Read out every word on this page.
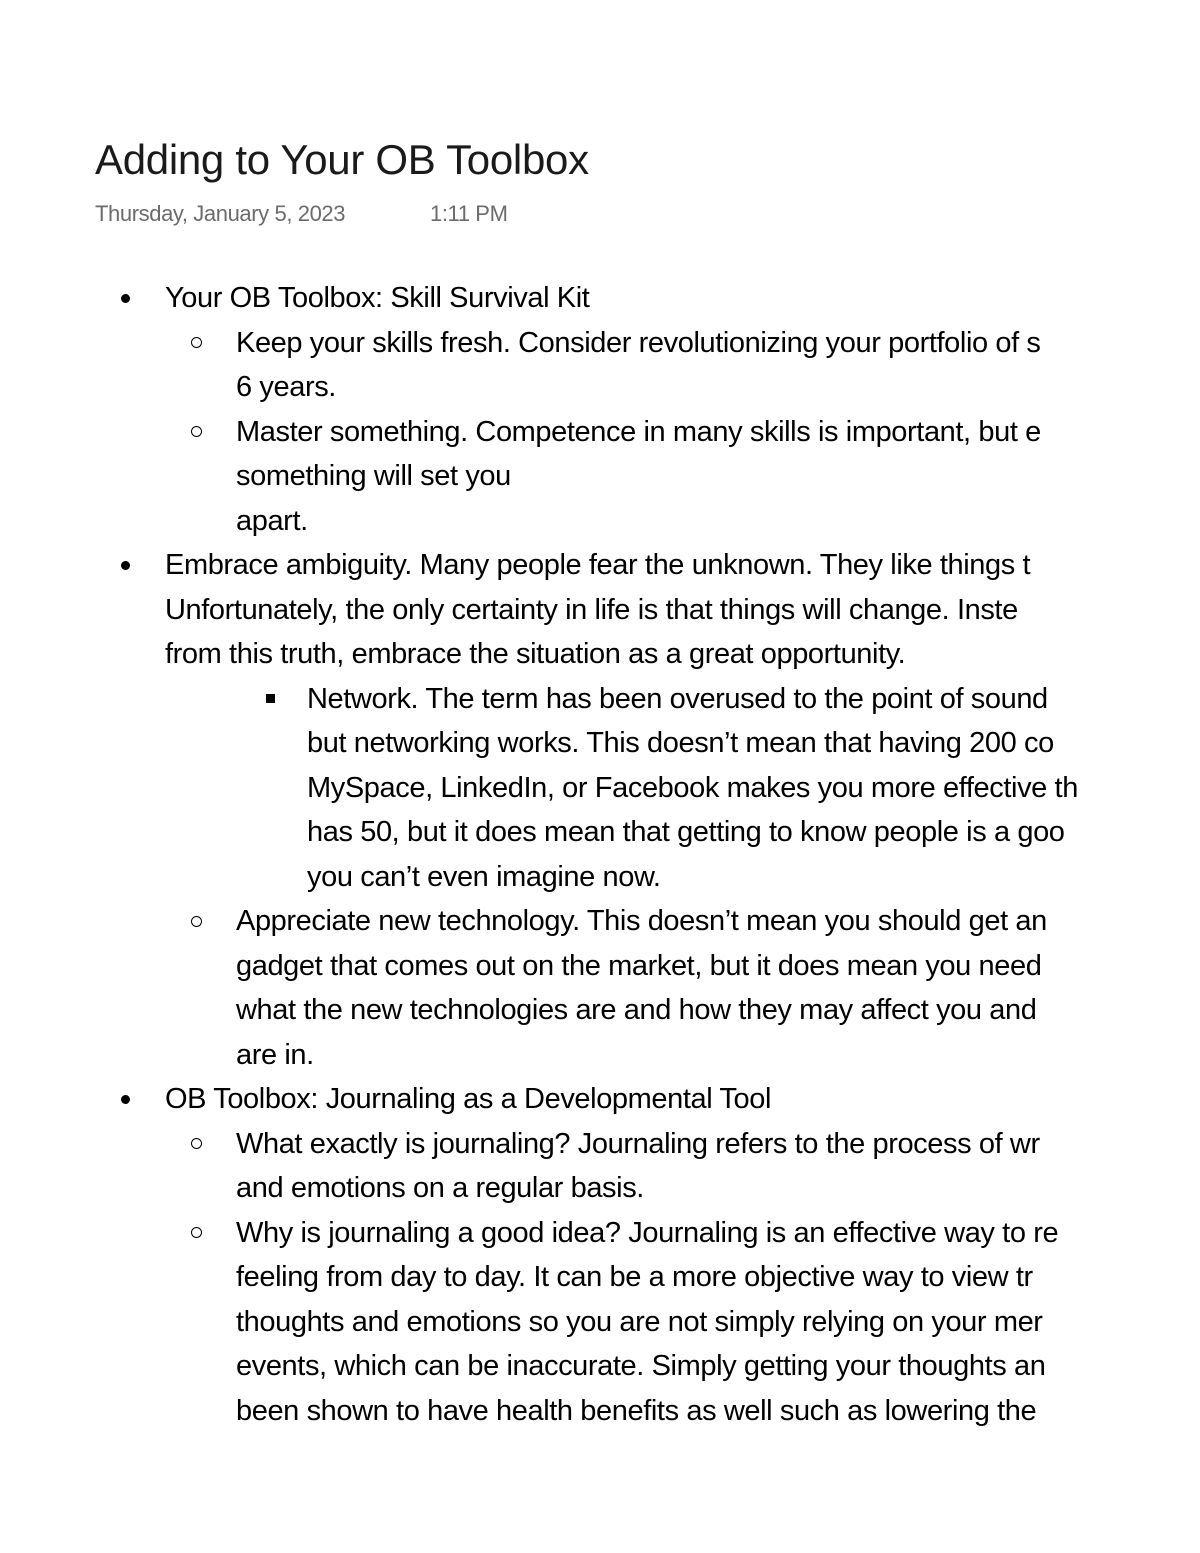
Adding to Your OB Toolbox
Thursday, January 5, 2023	1:11 PM
Your OB Toolbox: Skill Survival Kit
Keep your skills fresh. Consider revolutionizing your portfolio of s
6 years.
Master something. Competence in many skills is important, but e
something will set you
apart.
Embrace ambiguity. Many people fear the unknown. They like things t
Unfortunately, the only certainty in life is that things will change. Inste
from this truth, embrace the situation as a great opportunity.
Network. The term has been overused to the point of sound
but networking works. This doesn’t mean that having 200 co
MySpace, LinkedIn, or Facebook makes you more effective th
has 50, but it does mean that getting to know people is a goo
you can’t even imagine now.
Appreciate new technology. This doesn’t mean you should get an
gadget that comes out on the market, but it does mean you need
what the new technologies are and how they may affect you and
are in.
OB Toolbox: Journaling as a Developmental Tool
What exactly is journaling? Journaling refers to the process of wr
and emotions on a regular basis.
Why is journaling a good idea? Journaling is an effective way to re
feeling from day to day. It can be a more objective way to view tr
thoughts and emotions so you are not simply relying on your mer
events, which can be inaccurate. Simply getting your thoughts an
been shown to have health benefits as well such as lowering the
